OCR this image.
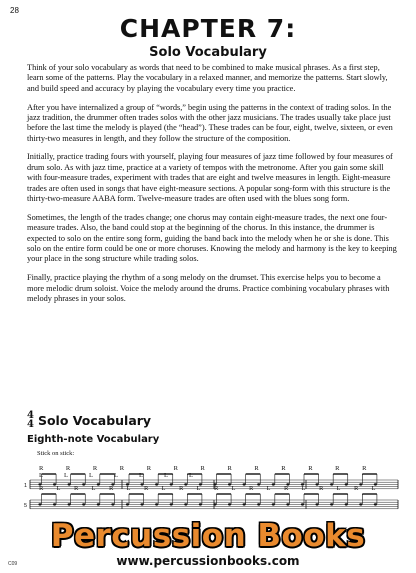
28
CHAPTER 7:
Solo Vocabulary

Think of your solo vocabulary as words that need to be combined to make musical phrases. As a first step, learn some of the patterns. Play the vocabulary in a relaxed manner, and memorize the patterns. Start slowly, and build speed and accuracy by playing the vocabulary every time you practice.

After you have internalized a group of “words,” begin using the patterns in the context of trading solos. In the jazz tradition, the drummer often trades solos with the other jazz musicians. The trades usually take place just before the last time the melody is played (the “head”). These trades can be four, eight, twelve, sixteen, or even thirty-two measures in length, and they follow the structure of the composition.

Initially, practice trading fours with yourself, playing four measures of jazz time followed by four measures of drum solo. As with jazz time, practice at a variety of tempos with the metronome. After you gain some skill with four-measure trades, experiment with trades that are eight and twelve measures in length. Eight-measure trades are often used in songs that have eight-measure sections. A popular song-form with this structure is the thirty-two-measure AABA form. Twelve-measure trades are often used with the blues song form.

Sometimes, the length of the trades change; one chorus may contain eight-measure trades, the next one four-measure trades. Also, the band could stop at the beginning of the chorus. In this instance, the drummer is expected to solo on the entire song form, guiding the band back into the melody when he or she is done. This solo on the entire form could be one or more choruses. Knowing the melody and harmony is the key to keeping your place in the song structure while trading solos.

Finally, practice playing the rhythm of a song melody on the drumset. This exercise helps you to become a more melodic drum soloist. Voice the melody around the drums. Practice combining vocabulary phrases with melody phrases in your solos.

4
4 Solo Vocabulary
Eighth-note Vocabulary
Stick on stick:
1
R	R	R	R	R	R	R	R	R	R	R	R	R
L	L	L	L	L	L	L
5
R L R L R L R L R L R L R L R L R L R L
Percussion Books
www.percussionbooks.com
C09
